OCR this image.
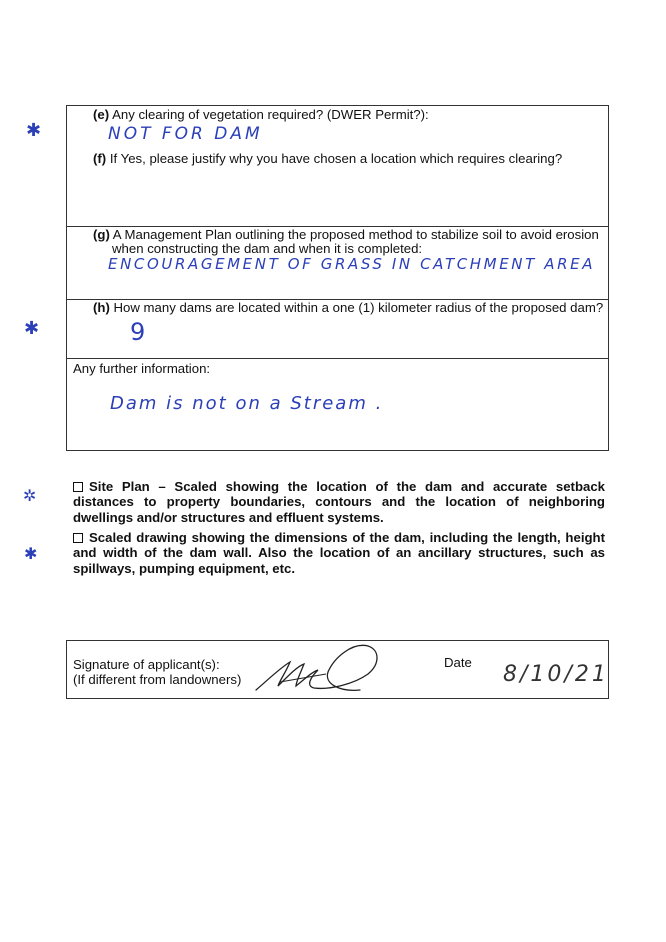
✱
✱
✲
✱
(e) Any clearing of vegetation required? (DWER Permit?):
NOT FOR DAM
(f) If Yes, please justify why you have chosen a location which requires clearing?
(g) A Management Plan outlining the proposed method to stabilize soil to avoid erosion
when constructing the dam and when it is completed:
ENCOURAGEMENT OF GRASS IN CATCHMENT AREA
(h) How many dams are located within a one (1) kilometer radius of the proposed dam?
9
Any further information:
Dam is not on a Stream .
Site Plan – Scaled showing the location of the dam and accurate setback distances to property boundaries, contours and the location of neighboring dwellings and/or structures and effluent systems.
Scaled drawing showing the dimensions of the dam, including the length, height and width of the dam wall. Also the location of an ancillary structures, such as spillways, pumping equipment, etc.
Signature of applicant(s):
(If different from landowners)
Date 8/10/21
